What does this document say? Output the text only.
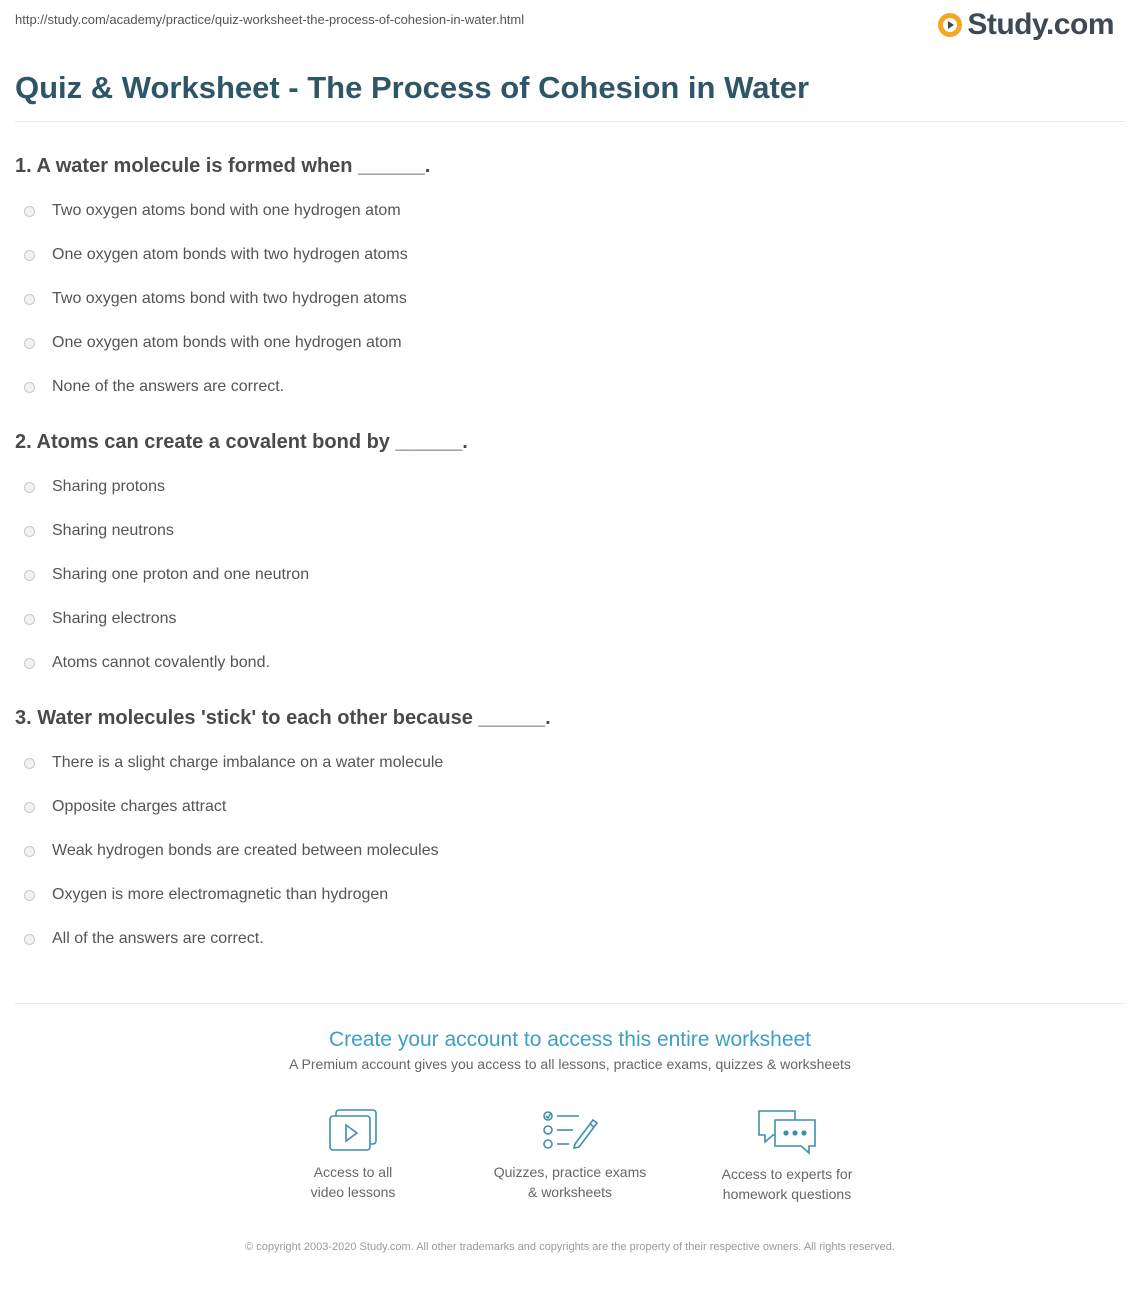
http://study.com/academy/practice/quiz-worksheet-the-process-of-cohesion-in-water.html	Study.com
Quiz & Worksheet - The Process of Cohesion in Water

1. A water molecule is formed when ______.

Two oxygen atoms bond with one hydrogen atom
One oxygen atom bonds with two hydrogen atoms
Two oxygen atoms bond with two hydrogen atoms
One oxygen atom bonds with one hydrogen atom
None of the answers are correct.

2. Atoms can create a covalent bond by ______.

Sharing protons
Sharing neutrons
Sharing one proton and one neutron
Sharing electrons
Atoms cannot covalently bond.

3. Water molecules 'stick' to each other because ______.

There is a slight charge imbalance on a water molecule
Opposite charges attract
Weak hydrogen bonds are created between molecules
Oxygen is more electromagnetic than hydrogen
All of the answers are correct.

Create your account to access this entire worksheet

A Premium account gives you access to all lessons, practice exams, quizzes & worksheets

Access to all
video lessons
Quizzes, practice exams
& worksheets
Access to experts for
homework questions
© copyright 2003-2020 Study.com. All other trademarks and copyrights are the property of their respective owners. All rights reserved.
